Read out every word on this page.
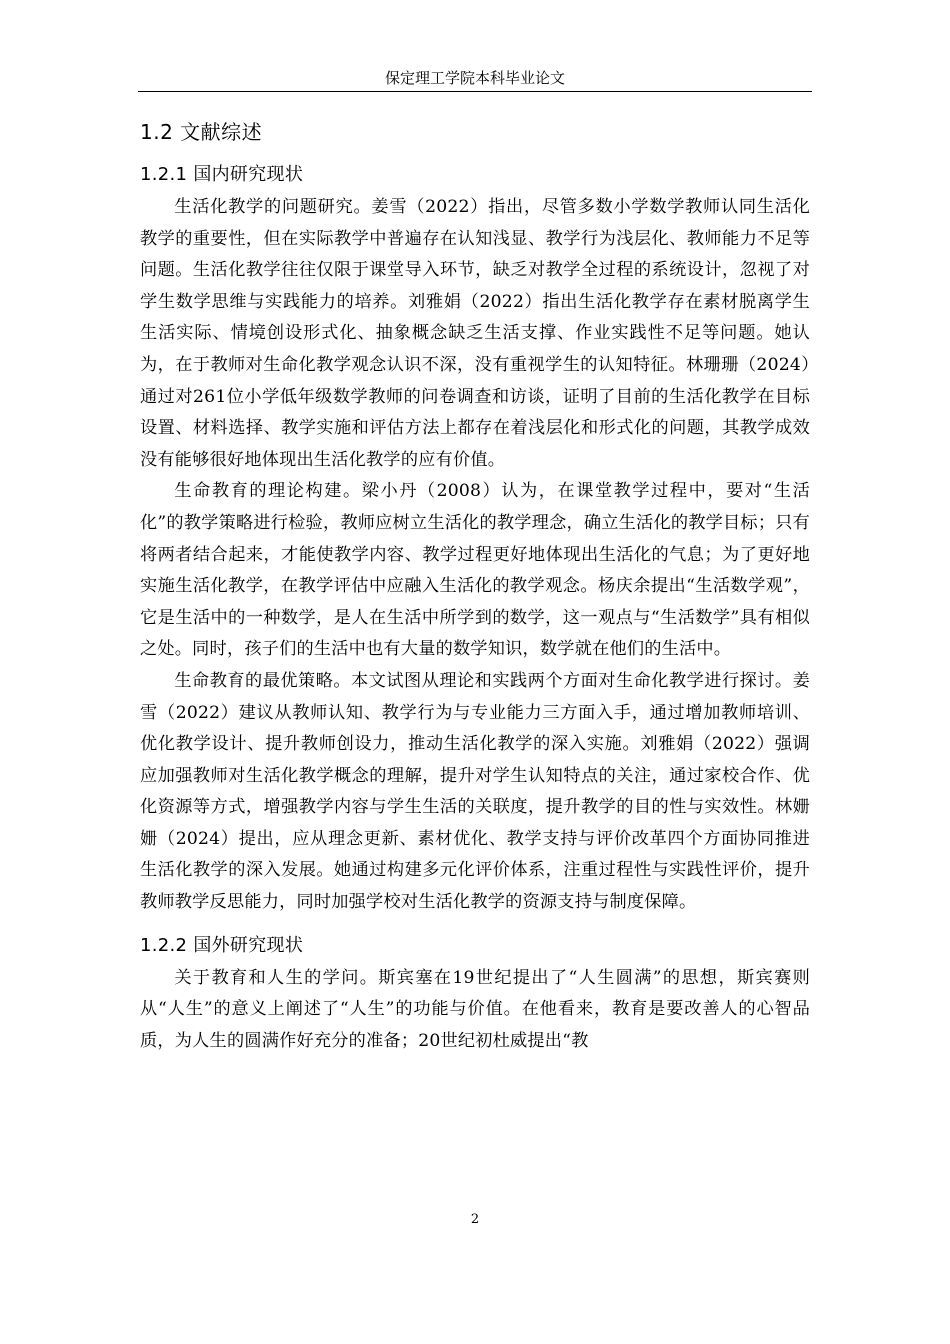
保定理工学院本科毕业论文
1.2 文献综述
1.2.1 国内研究现状

生活化教学的问题研究。姜雪（2022）指出，尽管多数小学数学教师认同生活化教学的重要性，但在实际教学中普遍存在认知浅显、教学行为浅层化、教师能力不足等问题。生活化教学往往仅限于课堂导入环节，缺乏对教学全过程的系统设计，忽视了对学生数学思维与实践能力的培养。刘雅娟（2022）指出生活化教学存在素材脱离学生生活实际、情境创设形式化、抽象概念缺乏生活支撑、作业实践性不足等问题。她认为，在于教师对生命化教学观念认识不深，没有重视学生的认知特征。林珊珊（2024）通过对261位小学低年级数学教师的问卷调查和访谈，证明了目前的生活化教学在目标设置、材料选择、教学实施和评估方法上都存在着浅层化和形式化的问题，其教学成效没有能够很好地体现出生活化教学的应有价值。

生命教育的理论构建。梁小丹（2008）认为，在课堂教学过程中，要对“生活化”的教学策略进行检验，教师应树立生活化的教学理念，确立生活化的教学目标；只有将两者结合起来，才能使教学内容、教学过程更好地体现出生活化的气息；为了更好地实施生活化教学，在教学评估中应融入生活化的教学观念。杨庆余提出“生活数学观”，它是生活中的一种数学，是人在生活中所学到的数学，这一观点与“生活数学”具有相似之处。同时，孩子们的生活中也有大量的数学知识，数学就在他们的生活中。

生命教育的最优策略。本文试图从理论和实践两个方面对生命化教学进行探讨。姜雪（2022）建议从教师认知、教学行为与专业能力三方面入手，通过增加教师培训、优化教学设计、提升教师创设力，推动生活化教学的深入实施。刘雅娟（2022）强调应加强教师对生活化教学概念的理解，提升对学生认知特点的关注，通过家校合作、优化资源等方式，增强教学内容与学生生活的关联度，提升教学的目的性与实效性。林姗姗（2024）提出，应从理念更新、素材优化、教学支持与评价改革四个方面协同推进生活化教学的深入发展。她通过构建多元化评价体系，注重过程性与实践性评价，提升教师教学反思能力，同时加强学校对生活化教学的资源支持与制度保障。

1.2.2 国外研究现状

关于教育和人生的学问。斯宾塞在19世纪提出了“人生圆满”的思想，斯宾赛则从“人生”的意义上阐述了“人生”的功能与价值。在他看来，教育是要改善人的心智品质，为人生的圆满作好充分的准备；20世纪初杜威提出“教

2
